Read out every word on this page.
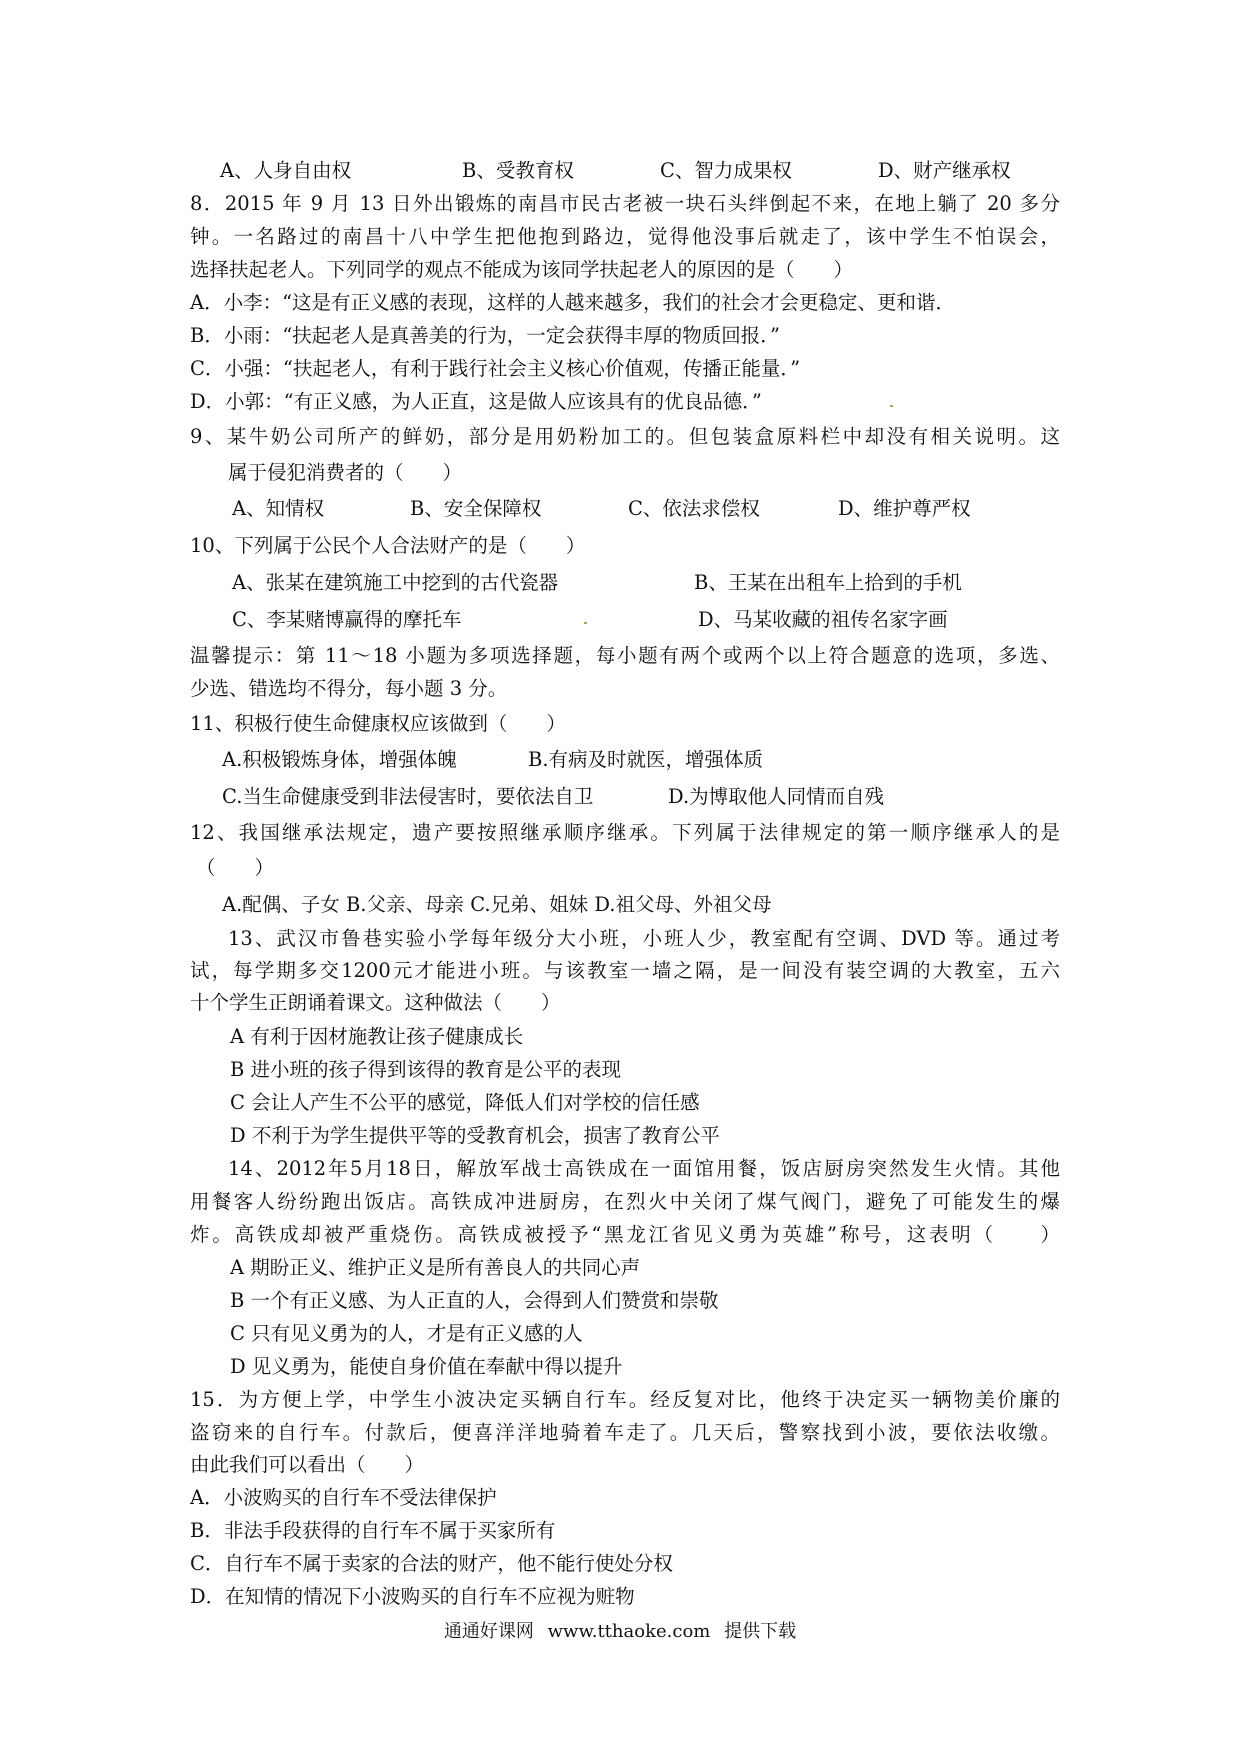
A、人身自由权	B、受教育权	C、智力成果权	D、财产继承权
8．2015 年 9 月 13 日外出锻炼的南昌市民古老被一块石头绊倒起不来，在地上躺了 20 多分
钟。一名路过的南昌十八中学生把他抱到路边，觉得他没事后就走了，该中学生不怕误会，
选择扶起老人。下列同学的观点不能成为该同学扶起老人的原因的是（　　）
A．小李：“这是有正义感的表现，这样的人越来越多，我们的社会才会更稳定、更和谐．
B．小雨：“扶起老人是真善美的行为，一定会获得丰厚的物质回报．”
C．小强：“扶起老人，有利于践行社会主义核心价值观，传播正能量．”
D．小郭：“有正义感，为人正直，这是做人应该具有的优良品德．”
9、某牛奶公司所产的鲜奶，部分是用奶粉加工的。但包装盒原料栏中却没有相关说明。这
属于侵犯消费者的（　　）
A、知情权	B、安全保障权	C、依法求偿权	D、维护尊严权
10、下列属于公民个人合法财产的是（　　）
A、张某在建筑施工中挖到的古代瓷器	B、王某在出租车上拾到的手机
C、李某赌博赢得的摩托车	D、马某收藏的祖传名家字画
温馨提示：第 11～18 小题为多项选择题，每小题有两个或两个以上符合题意的选项，多选、
少选、错选均不得分，每小题 3 分。
11、积极行使生命健康权应该做到（　　）
A.积极锻炼身体，增强体魄	B.有病及时就医，增强体质
C.当生命健康受到非法侵害时，要依法自卫	D.为博取他人同情而自残
12、我国继承法规定，遗产要按照继承顺序继承。下列属于法律规定的第一顺序继承人的是
（　　）
A.配偶、子女 B.父亲、母亲 C.兄弟、姐妹 D.祖父母、外祖父母
13、武汉市鲁巷实验小学每年级分大小班，小班人少，教室配有空调、DVD 等。通过考
试，每学期多交1200元才能进小班。与该教室一墙之隔，是一间没有装空调的大教室，五六
十个学生正朗诵着课文。这种做法（　　）
A 有利于因材施教让孩子健康成长
B 进小班的孩子得到该得的教育是公平的表现
C 会让人产生不公平的感觉，降低人们对学校的信任感
D 不利于为学生提供平等的受教育机会，损害了教育公平
14、2012年5月18日，解放军战士高铁成在一面馆用餐，饭店厨房突然发生火情。其他
用餐客人纷纷跑出饭店。高铁成冲进厨房，在烈火中关闭了煤气阀门，避免了可能发生的爆
炸。高铁成却被严重烧伤。高铁成被授予“黑龙江省见义勇为英雄”称号，这表明（　　）
A 期盼正义、维护正义是所有善良人的共同心声
B 一个有正义感、为人正直的人，会得到人们赞赏和崇敬
C 只有见义勇为的人，才是有正义感的人
D 见义勇为，能使自身价值在奉献中得以提升
15．为方便上学，中学生小波决定买辆自行车。经反复对比，他终于决定买一辆物美价廉的
盗窃来的自行车。付款后，便喜洋洋地骑着车走了。几天后，警察找到小波，要依法收缴。
由此我们可以看出（　　）
A．小波购买的自行车不受法律保护
B．非法手段获得的自行车不属于买家所有
C．自行车不属于卖家的合法的财产，他不能行使处分权
D．在知情的情况下小波购买的自行车不应视为赃物
通通好课网 www.tthaoke.com 提供下载
